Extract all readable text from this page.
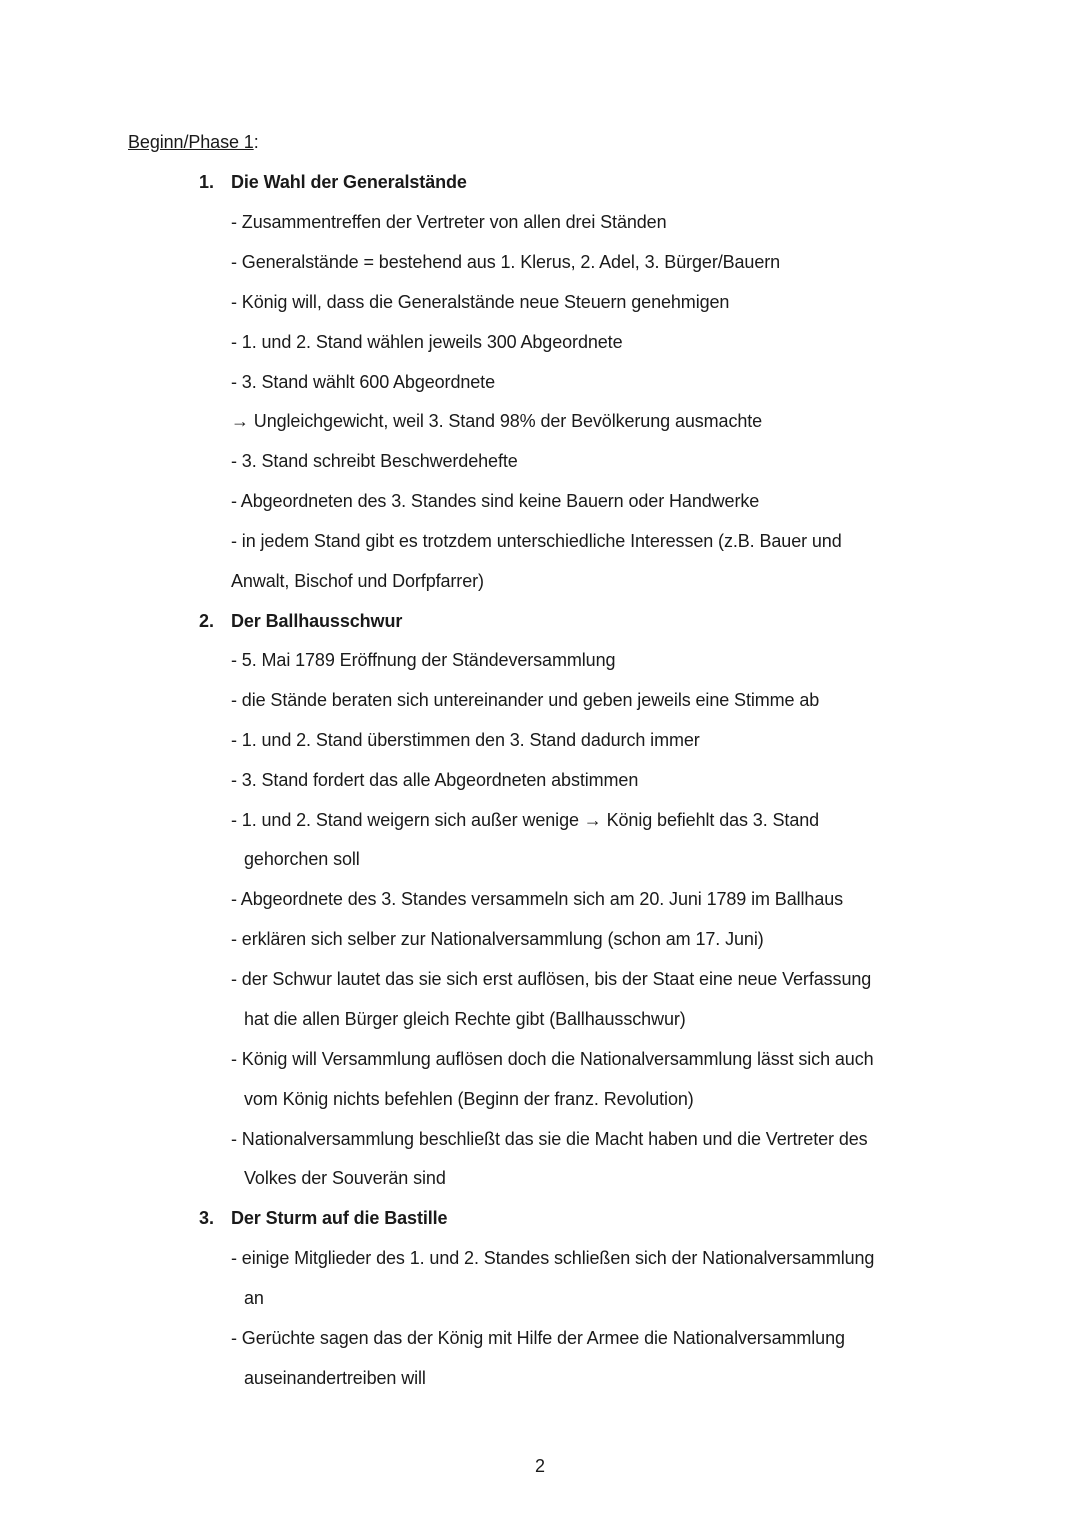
Beginn/Phase 1:
1. Die Wahl der Generalstände
- Zusammentreffen der Vertreter von allen drei Ständen
- Generalstände = bestehend aus 1. Klerus, 2. Adel, 3. Bürger/Bauern
- König will, dass die Generalstände neue Steuern genehmigen
- 1. und 2. Stand wählen jeweils 300 Abgeordnete
- 3. Stand wählt 600 Abgeordnete
→ Ungleichgewicht, weil 3. Stand 98% der Bevölkerung ausmachte
- 3. Stand schreibt Beschwerdehefte
- Abgeordneten des 3. Standes sind keine Bauern oder Handwerke
- in jedem Stand gibt es trotzdem unterschiedliche Interessen (z.B. Bauer und
Anwalt, Bischof und Dorfpfarrer)
2. Der Ballhausschwur
- 5. Mai 1789 Eröffnung der Ständeversammlung
- die Stände beraten sich untereinander und geben jeweils eine Stimme ab
- 1. und 2. Stand überstimmen den 3. Stand dadurch immer
- 3. Stand fordert das alle Abgeordneten abstimmen
- 1. und 2. Stand weigern sich außer wenige → König befiehlt das 3. Stand
gehorchen soll
- Abgeordnete des 3. Standes versammeln sich am 20. Juni 1789 im Ballhaus
- erklären sich selber zur Nationalversammlung (schon am 17. Juni)
- der Schwur lautet das sie sich erst auflösen, bis der Staat eine neue Verfassung
hat die allen Bürger gleich Rechte gibt (Ballhausschwur)
- König will Versammlung auflösen doch die Nationalversammlung lässt sich auch
vom König nichts befehlen (Beginn der franz. Revolution)
- Nationalversammlung beschließt das sie die Macht haben und die Vertreter des
Volkes der Souverän sind
3. Der Sturm auf die Bastille
- einige Mitglieder des 1. und 2. Standes schließen sich der Nationalversammlung
an
- Gerüchte sagen das der König mit Hilfe der Armee die Nationalversammlung
auseinandertreiben will
2
